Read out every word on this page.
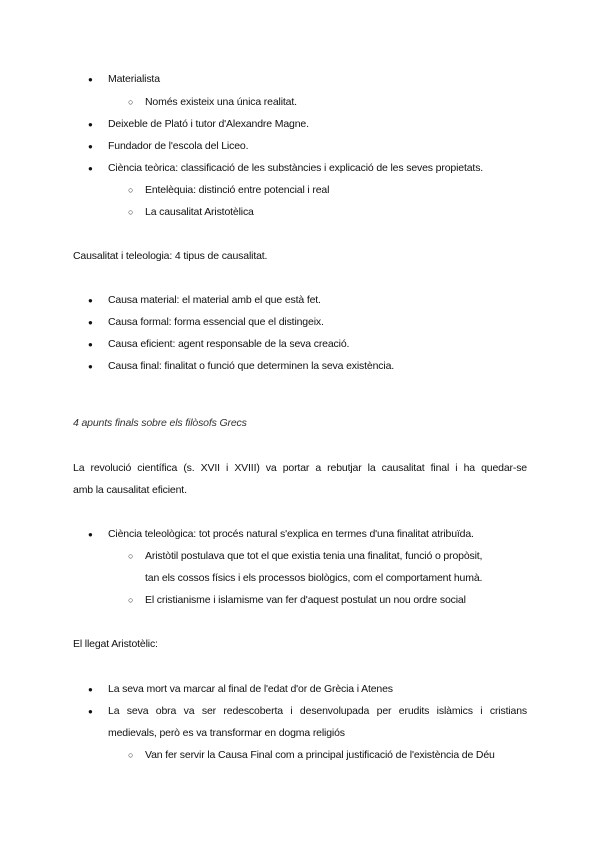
● Materialista
○ Només existeix una única realitat.
● Deixeble de Plató i tutor d'Alexandre Magne.
● Fundador de l'escola del Liceo.
● Ciència teòrica: classificació de les substàncies i explicació de les seves propietats.
○ Entelèquia: distinció entre potencial i real
○ La causalitat Aristotèlica
Causalitat i teleologia: 4 tipus de causalitat.
● Causa material: el material amb el que està fet.
● Causa formal: forma essencial que el distingeix.
● Causa eficient: agent responsable de la seva creació.
● Causa final: finalitat o funció que determinen la seva existència.
4 apunts finals sobre els filòsofs Grecs
La revolució científica (s. XVII i XVIII) va portar a rebutjar la causalitat final i ha quedar-se
amb la causalitat eficient.
● Ciència teleològica: tot procés natural s'explica en termes d'una finalitat atribuïda.
○ Aristòtil postulava que tot el que existia tenia una finalitat, funció o propòsit,
tan els cossos físics i els processos biològics, com el comportament humà.
○ El cristianisme i islamisme van fer d'aquest postulat un nou ordre social
El llegat Aristotèlic:
● La seva mort va marcar al final de l'edat d'or de Grècia i Atenes
● La seva obra va ser redescoberta i desenvolupada per erudits islàmics i cristians
medievals, però es va transformar en dogma religiós
○ Van fer servir la Causa Final com a principal justificació de l'existència de Déu
